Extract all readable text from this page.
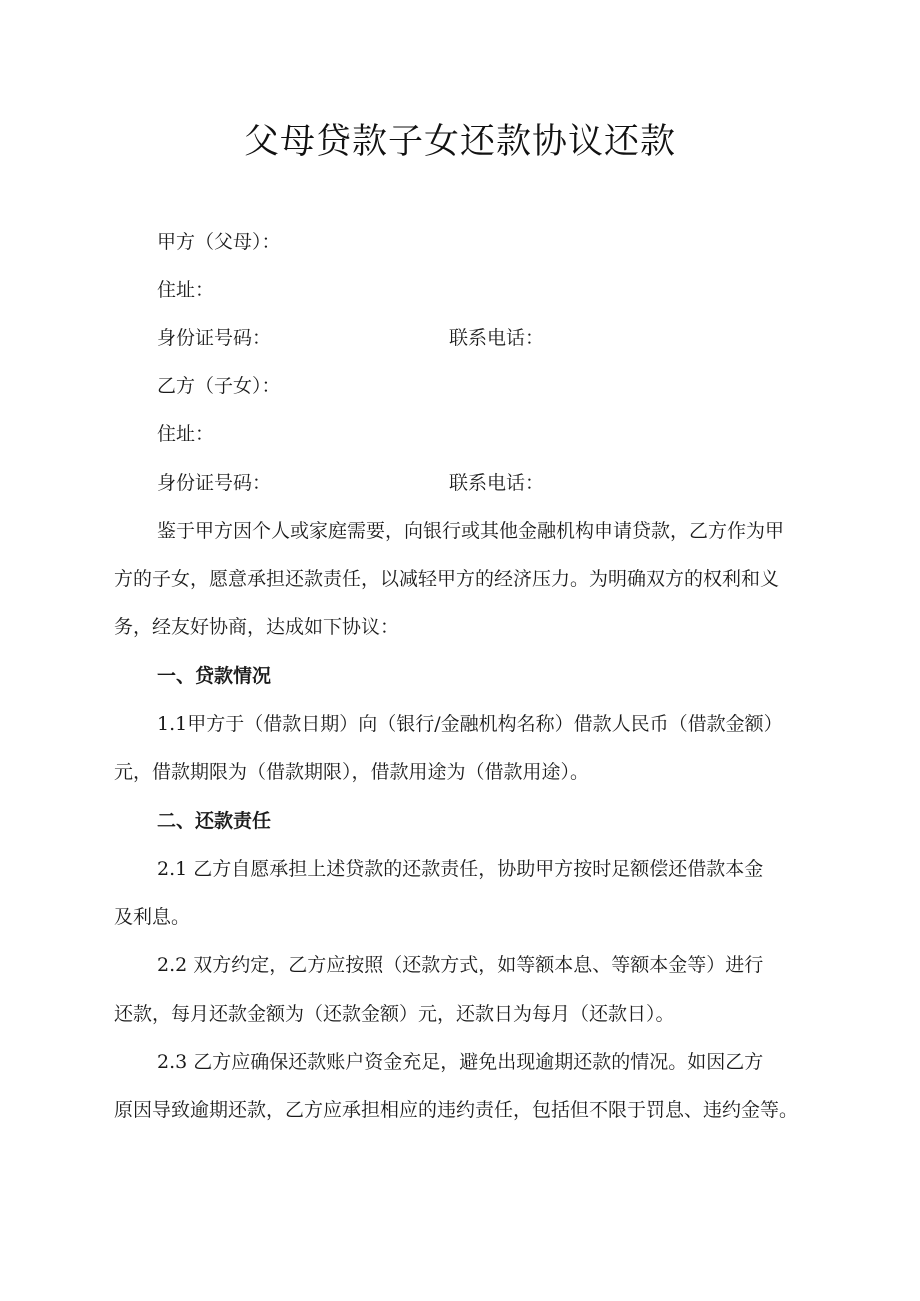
父母贷款子女还款协议还款
甲方（父母）：
住址：
身份证号码：	联系电话：
乙方（子女）：
住址：
身份证号码：	联系电话：
鉴于甲方因个人或家庭需要，向银行或其他金融机构申请贷款，乙方作为甲
方的子女，愿意承担还款责任，以减轻甲方的经济压力。为明确双方的权利和义
务，经友好协商，达成如下协议：
一、贷款情况
1.1甲方于（借款日期）向（银行/金融机构名称）借款人民币（借款金额）
元，借款期限为（借款期限），借款用途为（借款用途）。
二、还款责任
2.1 乙方自愿承担上述贷款的还款责任，协助甲方按时足额偿还借款本金
及利息。
2.2 双方约定，乙方应按照（还款方式，如等额本息、等额本金等）进行
还款，每月还款金额为（还款金额）元，还款日为每月（还款日）。
2.3 乙方应确保还款账户资金充足，避免出现逾期还款的情况。如因乙方
原因导致逾期还款，乙方应承担相应的违约责任，包括但不限于罚息、违约金等。
